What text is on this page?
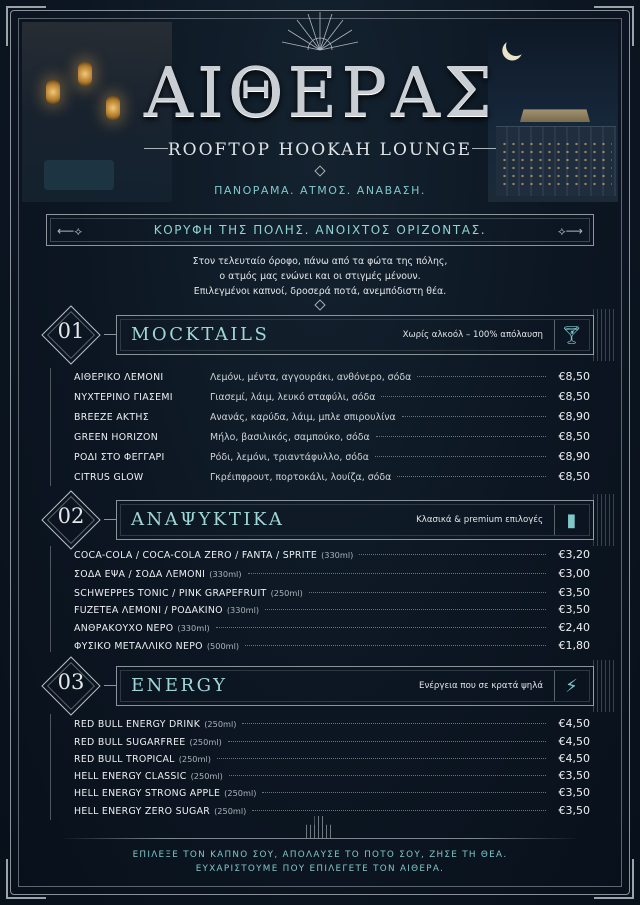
ΑΙΘΕΡΑΣ
ROOFTOP HOOKAH LOUNGE
ΠΑΝΟΡΑΜΑ. ΑΤΜΟΣ. ΑΝΑΒΑΣΗ.
⟵⟡	ΚΟΡΥΦΗ ΤΗΣ ΠΟΛΗΣ. ΑΝΟΙΧΤΟΣ ΟΡΙΖΟΝΤΑΣ.	⟡⟶
Στον τελευταίο όροφο, πάνω από τα φώτα της πόλης,
ο ατμός μας ενώνει και οι στιγμές μένουν.
Επιλεγμένοι καπνοί, δροσερά ποτά, ανεμπόδιστη θέα.
01	MOCKTAILS	Χωρίς αλκοόλ – 100% απόλαυση 🍸︎
ΑΙΘΕΡΙΚΟ ΛΕΜΟΝΙ	Λεμόνι, μέντα, αγγουράκι, ανθόνερο, σόδα	€8,50
ΝΥΧΤΕΡΙΝΟ ΓΙΑΣΕΜΙ	Γιασεμί, λάιμ, λευκό σταφύλι, σόδα	€8,50
BREEZE ΑΚΤΗΣ	Ανανάς, καρύδα, λάιμ, μπλε σπιρουλίνα	€8,90
GREEN HORIZON	Μήλο, βασιλικός, σαμπούκο, σόδα	€8,50
ΡΟΔΙ ΣΤΟ ΦΕΓΓΑΡΙ	Ρόδι, λεμόνι, τριαντάφυλλο, σόδα	€8,90
CITRUS GLOW	Γκρέιπφρουτ, πορτοκάλι, λουίζα, σόδα	€8,50
02	ΑΝΑΨΥΚΤΙΚΑ	Κλασικά & premium επιλογές	▮
COCA-COLA / COCA-COLA ZERO / FANTA / SPRITE (330ml)	€3,20
ΣΟΔΑ ΕΨΑ / ΣΟΔΑ ΛΕΜΟΝΙ (330ml)	€3,00
SCHWEPPES TONIC / PINK GRAPEFRUIT (250ml)	€3,50
FUZETEA ΛΕΜΟΝΙ / ΡΟΔΑΚΙΝΟ (330ml)	€3,50
ΑΝΘΡΑΚΟΥΧΟ ΝΕΡΟ (330ml)	€2,40
ΦΥΣΙΚΟ ΜΕΤΑΛΛΙΚΟ ΝΕΡΟ (500ml)	€1,80
03	ENERGY	Ενέργεια που σε κρατά ψηλά	⚡︎
RED BULL ENERGY DRINK (250ml)	€4,50
RED BULL SUGARFREE (250ml)	€4,50
RED BULL TROPICAL (250ml)	€4,50
HELL ENERGY CLASSIC (250ml)	€3,50
HELL ENERGY STRONG APPLE (250ml)	€3,50
HELL ENERGY ZERO SUGAR (250ml)	€3,50
ΕΠΙΛΕΞΕ ΤΟΝ ΚΑΠΝΟ ΣΟΥ, ΑΠΟΛΑΥΣΕ ΤΟ ΠΟΤΟ ΣΟΥ, ΖΗΣΕ ΤΗ ΘΕΑ.
ΕΥΧΑΡΙΣΤΟΥΜΕ ΠΟΥ ΕΠΙΛΕΓΕΤΕ ΤΟΝ ΑΙΘΕΡΑ.
